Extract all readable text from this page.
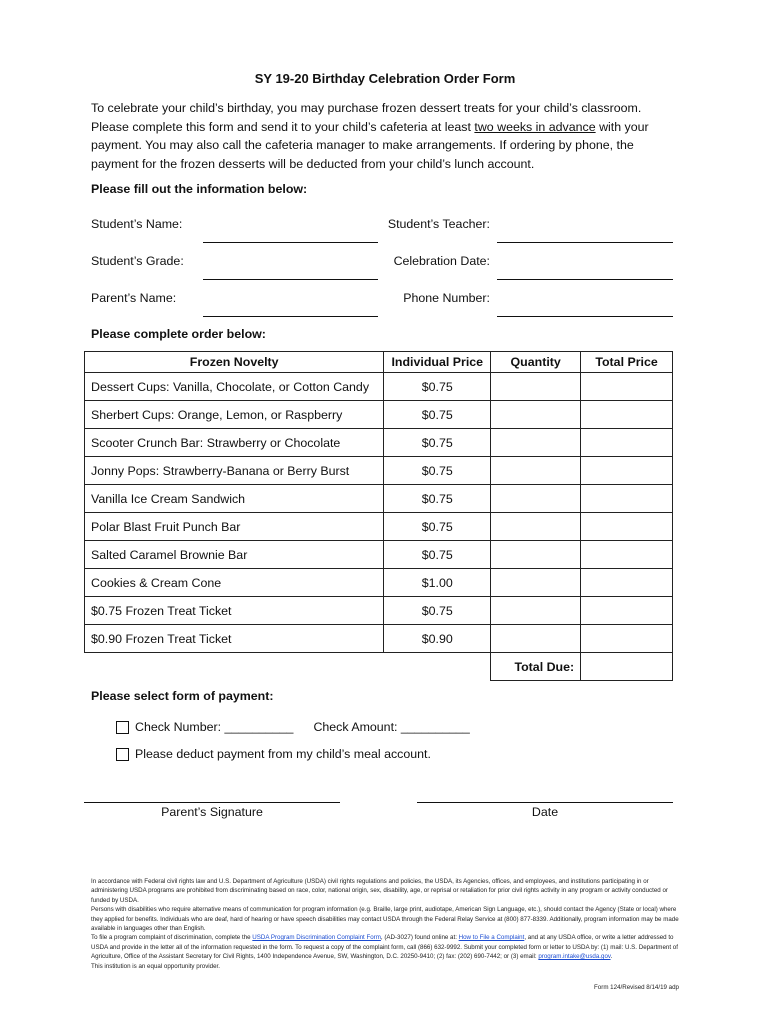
SY 19-20 Birthday Celebration Order Form
To celebrate your child’s birthday, you may purchase frozen dessert treats for your child’s classroom. Please complete this form and send it to your child’s cafeteria at least two weeks in advance with your payment. You may also call the cafeteria manager to make arrangements. If ordering by phone, the payment for the frozen desserts will be deducted from your child’s lunch account.
Please fill out the information below:
Student’s Name:	Student’s Teacher:
Student’s Grade:	Celebration Date:
Parent’s Name:	Phone Number:
Please complete order below:
Frozen Novelty	Individual Price	Quantity	Total Price
Dessert Cups: Vanilla, Chocolate, or Cotton Candy	$0.75		
Sherbert Cups: Orange, Lemon, or Raspberry	$0.75		
Scooter Crunch Bar: Strawberry or Chocolate	$0.75		
Jonny Pops: Strawberry-Banana or Berry Burst	$0.75		
Vanilla Ice Cream Sandwich	$0.75		
Polar Blast Fruit Punch Bar	$0.75		
Salted Caramel Brownie Bar	$0.75		
Cookies & Cream Cone	$1.00		
$0.75 Frozen Treat Ticket	$0.75		
$0.90 Frozen Treat Ticket	$0.90		
		Total Due:	
Please select form of payment:
Check Number: __________ Check Amount: __________
Please deduct payment from my child’s meal account.
Parent’s Signature	Date
In accordance with Federal civil rights law and U.S. Department of Agriculture (USDA) civil rights regulations and policies, the USDA, its Agencies, offices, and employees, and institutions participating in or administering USDA programs are prohibited from discriminating based on race, color, national origin, sex, disability, age, or reprisal or retaliation for prior civil rights activity in any program or activity conducted or funded by USDA.
Persons with disabilities who require alternative means of communication for program information (e.g. Braille, large print, audiotape, American Sign Language, etc.), should contact the Agency (State or local) where they applied for benefits. Individuals who are deaf, hard of hearing or have speech disabilities may contact USDA through the Federal Relay Service at (800) 877-8339. Additionally, program information may be made available in languages other than English.
To file a program complaint of discrimination, complete the USDA Program Discrimination Complaint Form, (AD-3027) found online at: How to File a Complaint, and at any USDA office, or write a letter addressed to USDA and provide in the letter all of the information requested in the form. To request a copy of the complaint form, call (866) 632-9992. Submit your completed form or letter to USDA by: (1) mail: U.S. Department of Agriculture, Office of the Assistant Secretary for Civil Rights, 1400 Independence Avenue, SW, Washington, D.C. 20250-9410; (2) fax: (202) 690-7442; or (3) email: program.intake@usda.gov.
This institution is an equal opportunity provider.
Form 124/Revised 8/14/19 adp
